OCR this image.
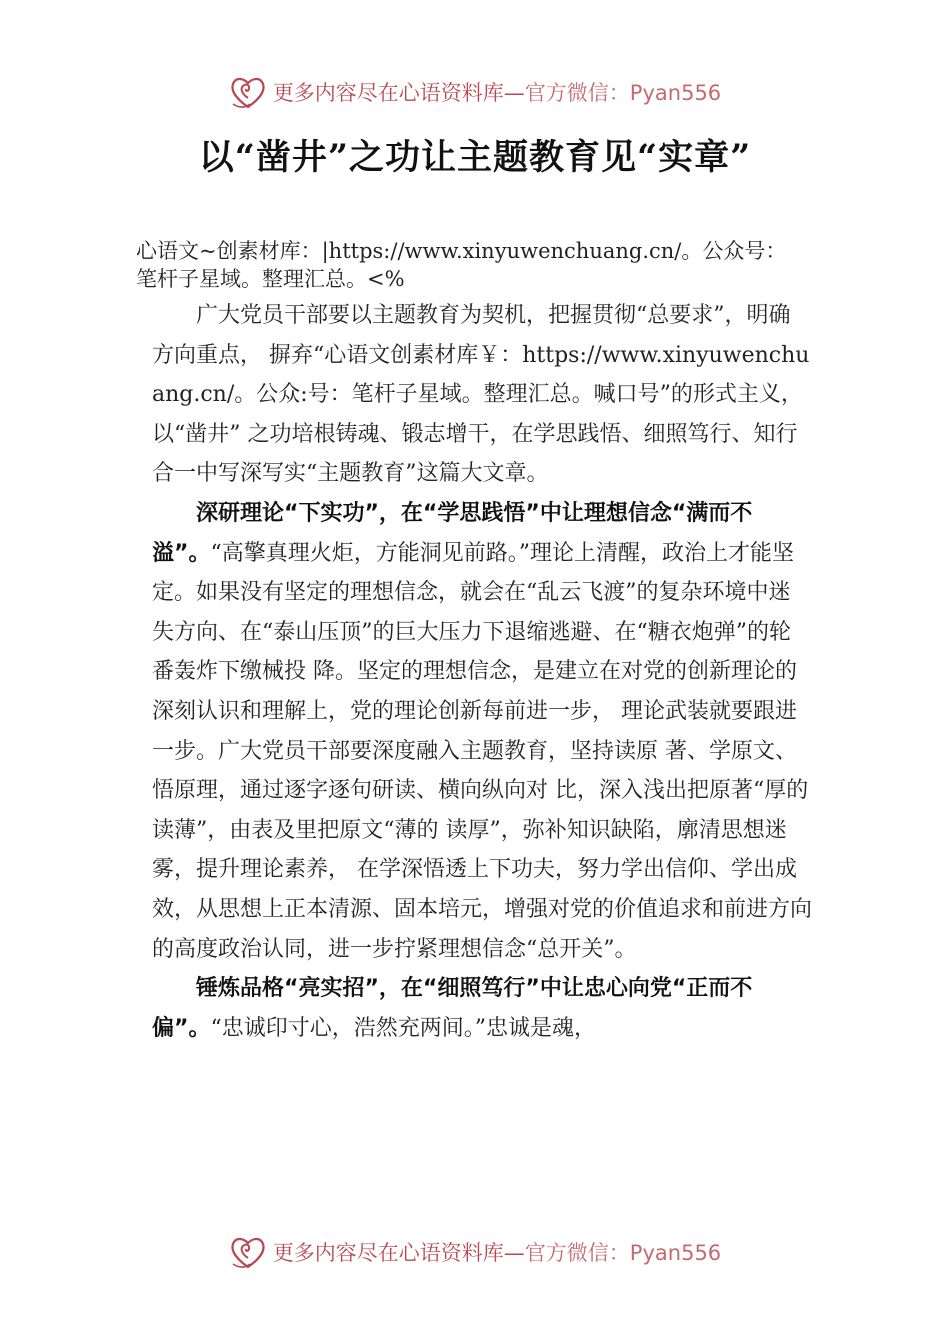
更多内容尽在心语资料库— 官方微信：Pyan556
以“凿井”之功让主题教育见“实章”
心语文~创素材库：|https://www.xinyuwenchuang.cn/。公众号：笔杆子星域。整理汇总。<%

广大党员干部要以主题教育为契机，把握贯彻“总要求”，明确方向重点， 摒弃“心语文创素材库￥：https://www.xinyuwenchuang.cn/。公众:号：笔杆子星域。整理汇总。喊口号”的形式主义，以“凿井” 之功培根铸魂、锻志增干，在学思践悟、细照笃行、知行合一中写深写实“主题教育”这篇大文章。

深研理论“下实功”，在“学思践悟”中让理想信念“满而不溢”。“高擎真理火炬，方能洞见前路。”理论上清醒，政治上才能坚定。如果没有坚定的理想信念，就会在“乱云飞渡”的复杂环境中迷失方向、在“泰山压顶”的巨大压力下退缩逃避、在“糖衣炮弹”的轮番轰炸下缴械投 降。坚定的理想信念，是建立在对党的创新理论的深刻认识和理解上，党的理论创新每前进一步， 理论武装就要跟进一步。广大党员干部要深度融入主题教育，坚持读原 著、学原文、悟原理，通过逐字逐句研读、横向纵向对 比，深入浅出把原著“厚的读薄”，由表及里把原文“薄的 读厚”，弥补知识缺陷，廓清思想迷雾，提升理论素养， 在学深悟透上下功夫，努力学出信仰、学出成效，从思想上正本清源、固本培元，增强对党的价值追求和前进方向的高度政治认同，进一步拧紧理想信念“总开关”。

锤炼品格“亮实招”，在“细照笃行”中让忠心向党“正而不偏”。“忠诚印寸心，浩然充两间。”忠诚是魂，

更多内容尽在心语资料库— 官方微信：Pyan556
